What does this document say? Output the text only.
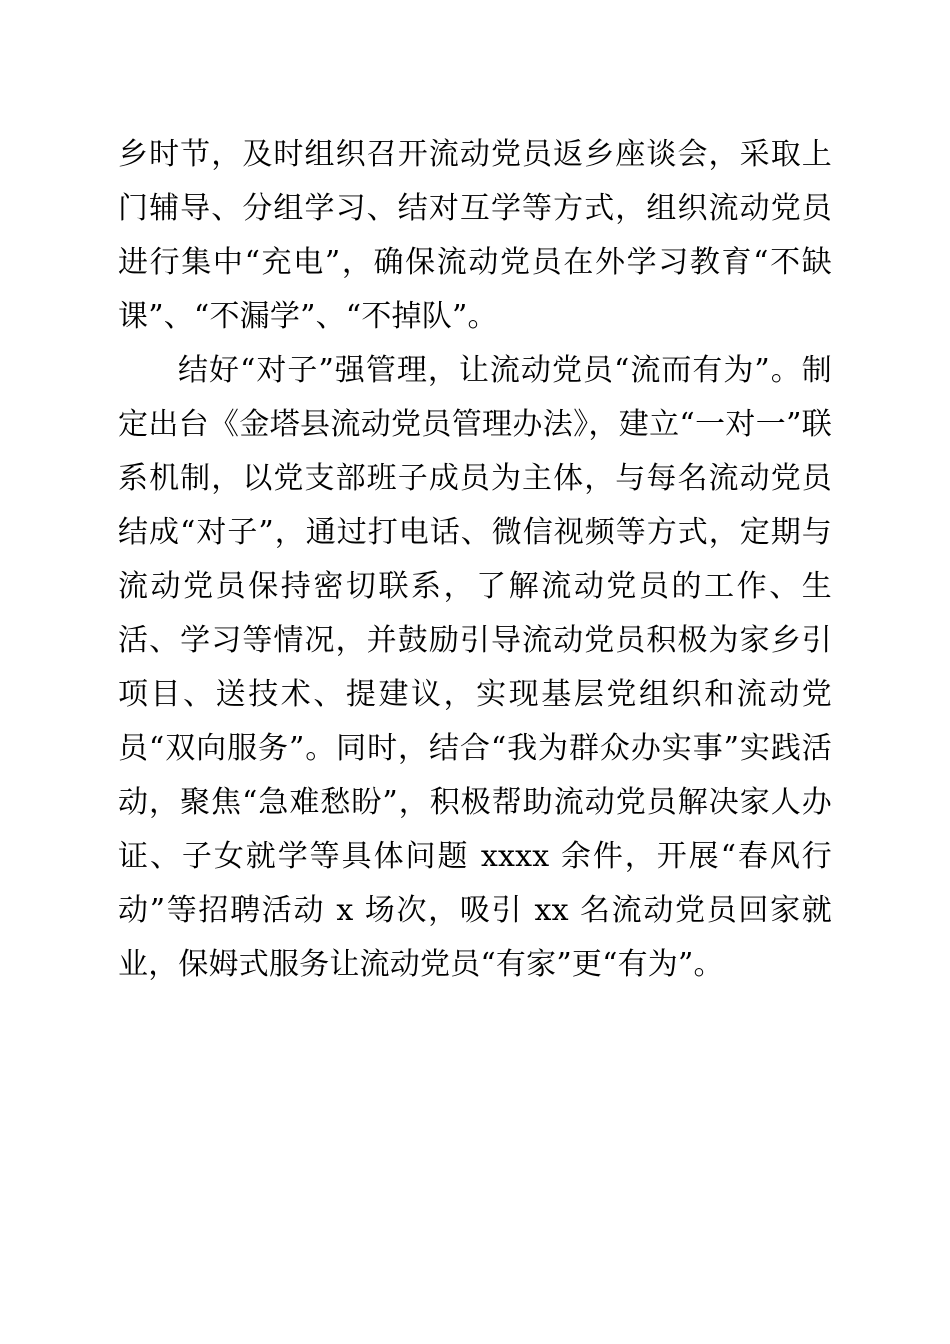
乡时节，及时组织召开流动党员返乡座谈会，采取上门辅导、分组学习、结对互学等方式，组织流动党员进行集中“充电”，确保流动党员在外学习教育“不缺课”、“不漏学”、“不掉队”。

结好“对子”强管理，让流动党员“流而有为”。制定出台《金塔县流动党员管理办法》，建立“一对一”联系机制，以党支部班子成员为主体，与每名流动党员结成“对子”，通过打电话、微信视频等方式，定期与流动党员保持密切联系，了解流动党员的工作、生活、学习等情况，并鼓励引导流动党员积极为家乡引项目、送技术、提建议，实现基层党组织和流动党员“双向服务”。同时，结合“我为群众办实事”实践活动，聚焦“急难愁盼”，积极帮助流动党员解决家人办证、子女就学等具体问题 xxxx 余件，开展“春风行动”等招聘活动 x 场次，吸引 xx 名流动党员回家就业，保姆式服务让流动党员“有家”更“有为”。
